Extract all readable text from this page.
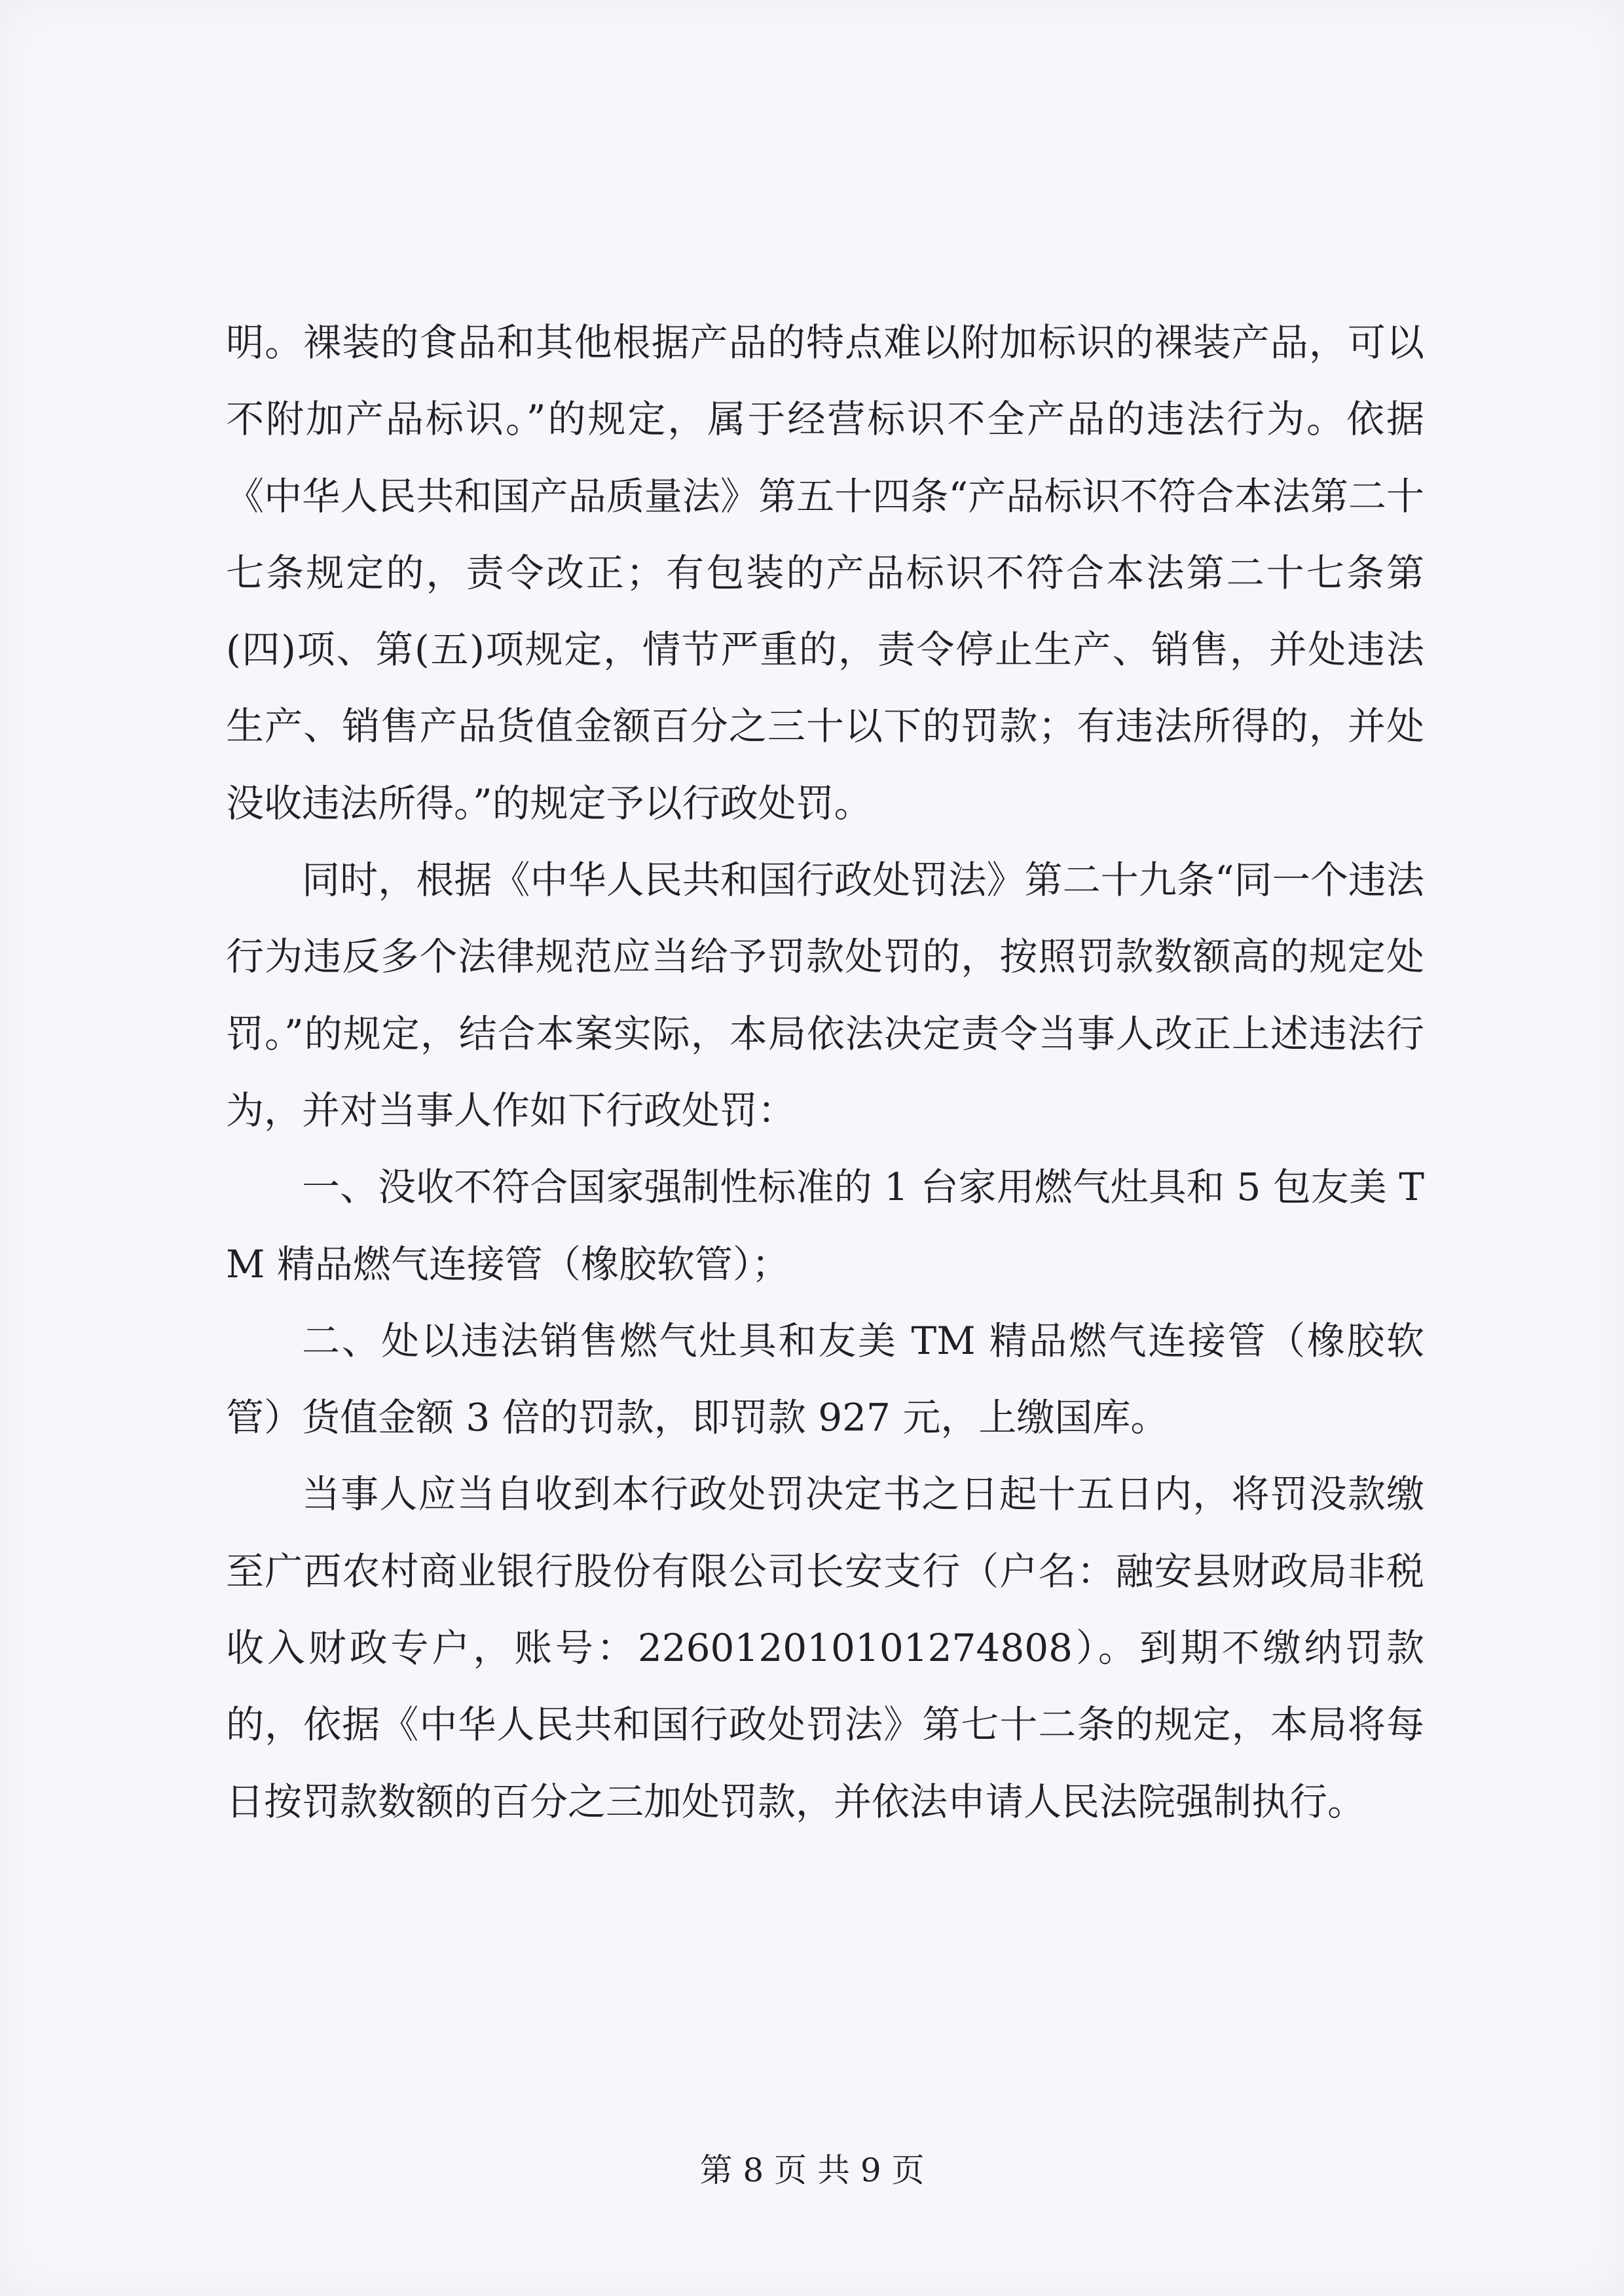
明。裸装的食品和其他根据产品的特点难以附加标识的裸装产品，可以不附加产品标识。”的规定，属于经营标识不全产品的违法行为。依据《中华人民共和国产品质量法》第五十四条“产品标识不符合本法第二十七条规定的，责令改正；有包装的产品标识不符合本法第二十七条第(四)项、第(五)项规定，情节严重的，责令停止生产、销售，并处违法生产、销售产品货值金额百分之三十以下的罚款；有违法所得的，并处没收违法所得。”的规定予以行政处罚。

同时，根据《中华人民共和国行政处罚法》第二十九条“同一个违法行为违反多个法律规范应当给予罚款处罚的，按照罚款数额高的规定处罚。”的规定，结合本案实际，本局依法决定责令当事人改正上述违法行为，并对当事人作如下行政处罚：

一、没收不符合国家强制性标准的 1 台家用燃气灶具和 5 包友美 TM 精品燃气连接管（橡胶软管）；

二、处以违法销售燃气灶具和友美 TM 精品燃气连接管（橡胶软管）货值金额 3 倍的罚款，即罚款 927 元，上缴国库。

当事人应当自收到本行政处罚决定书之日起十五日内，将罚没款缴至广西农村商业银行股份有限公司长安支行（户名：融安县财政局非税收入财政专户，账号：226012010101274808）。到期不缴纳罚款的，依据《中华人民共和国行政处罚法》第七十二条的规定，本局将每日按罚款数额的百分之三加处罚款，并依法申请人民法院强制执行。

第 8 页 共 9 页
